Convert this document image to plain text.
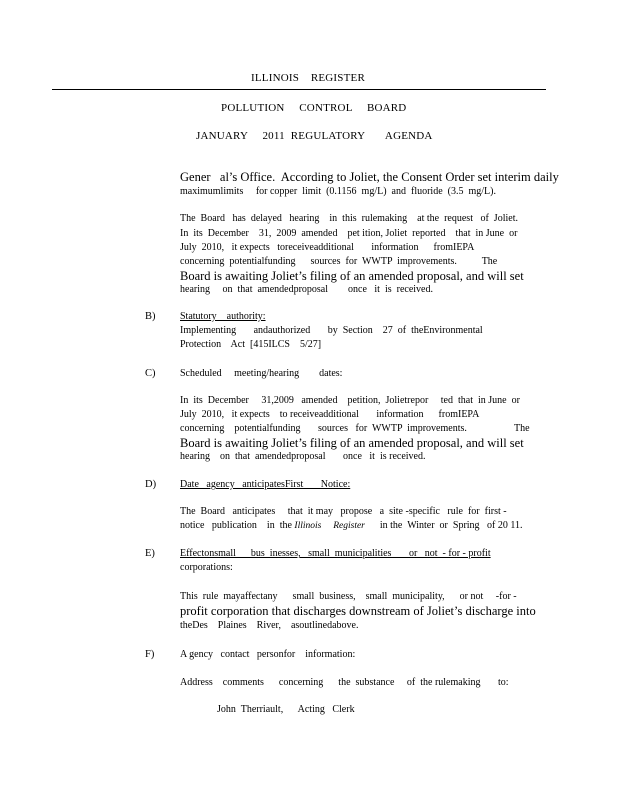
ILLINOIS    REGISTER
POLLUTION     CONTROL     BOARD
JANUARY     2011  REGULATORY       AGENDA
Gener   al’s Office.  According to Joliet, the Consent Order set interim daily
maximumlimits     for copper  limit  (0.1156  mg/L)  and  fluoride  (3.5  mg/L).
The  Board   has  delayed   hearing    in  this  rulemaking    at the  request   of  Joliet.
In  its  December    31,  2009  amended    pet ition, Joliet  reported    that  in June  or
July  2010,   it expects   toreceiveadditional       information      fromIEPA
concerning  potentialfunding      sources  for  WWTP  improvements.          The
Board is awaiting Joliet’s filing of an amended proposal, and will set
hearing     on  that  amendedproposal        once   it  is  received.
B) Statutory    authority:
Implementing       andauthorized       by  Section    27  of  theEnvironmental
Protection    Act  [415ILCS    5/27]
C) Scheduled     meeting/hearing        dates:
In  its  December     31,2009   amended    petition,  Jolietrepor     ted  that  in June  or
July  2010,   it expects    to receiveadditional       information      fromIEPA
concerning    potentialfunding       sources   for  WWTP  improvements.	The
Board is awaiting Joliet’s filing of an amended proposal, and will set
hearing    on  that  amendedproposal       once   it  is received.
D) Date   agency   anticipatesFirst       Notice:
The  Board   anticipates     that  it may   propose   a  site -specific   rule  for  first -
notice   publication    in  the Illinois     Register      in the  Winter  or  Spring   of 20 11.
E)	Effectonsmall      bus  inesses,   small  municipalities       or   not  - for - profit
corporations:
This  rule  mayaffectany      small  business,    small  municipality,      or not     -for -
profit corporation that discharges downstream of Joliet’s discharge into
theDes    Plaines    River,    asoutlinedabove.
F)	A gency   contact   personfor    information:
Address    comments      concerning      the  substance     of  the rulemaking       to:
John  Therriault,      Acting   Clerk
